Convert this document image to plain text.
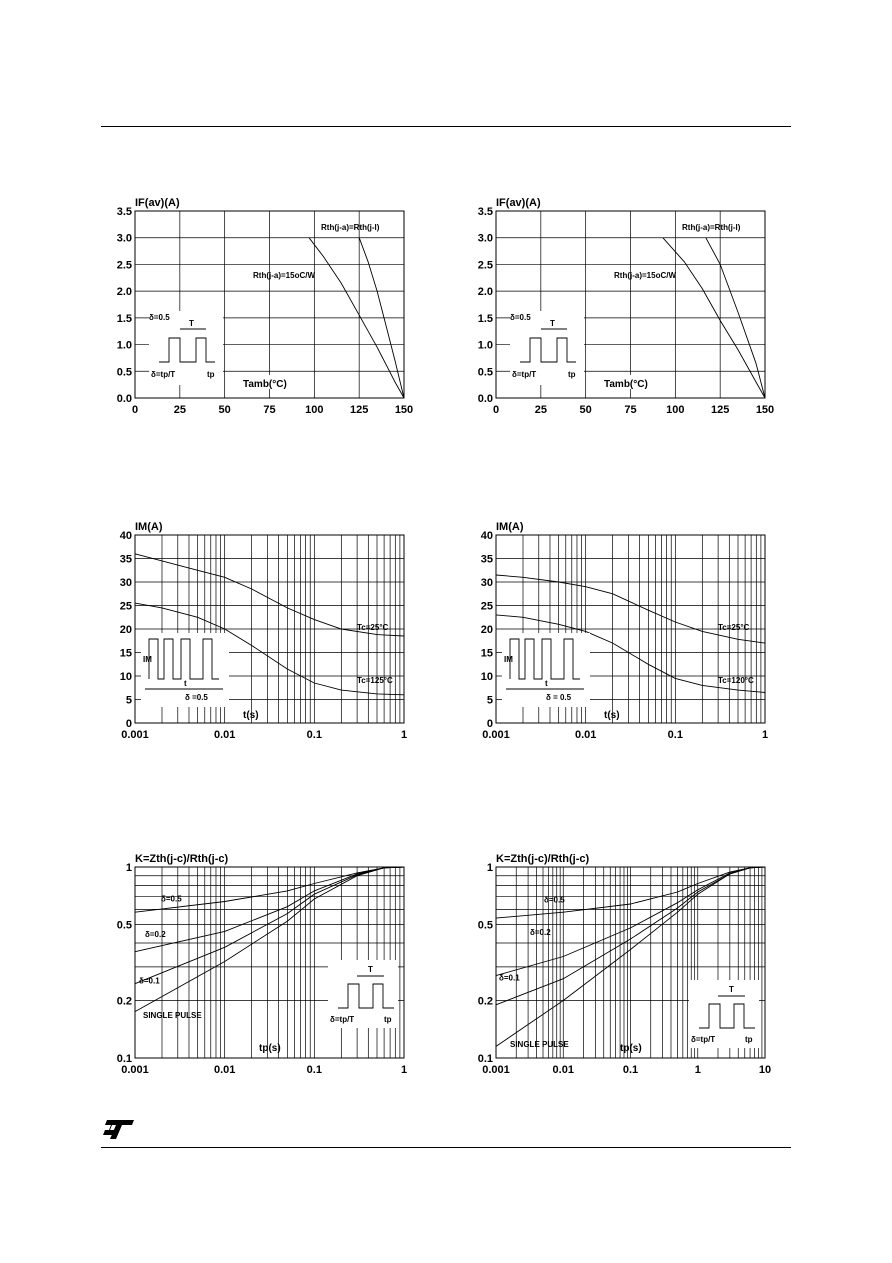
0	25	50	75	100 125 150
0.0
0.5
1.0
1.5
2.0
2.5
3.0
3.5
IF(av)(A)
Tamb(°C)
Rth(j-a)=Rth(j-l)
Rth(j-a)=15oC/W
δ=0.5
T
δ=tp/T	tp
0	25	50	75	100 125 150
0.0
0.5
1.0
1.5
2.0
2.5
3.0
3.5
IF(av)(A)
Tamb(°C)
Rth(j-a)=Rth(j-l)
Rth(j-a)=15oC/W
δ=0.5
T
δ=tp/T	tp
0.001	0.01	0.1	1
0
5
10
15
20
25
30
35
40
IM(A)
t(s)
Tc=25°C
Tc=125°C
IM
t
δ =0.5
0.001	0.01	0.1	1
0
5
10
15
20
25
30
35
40
IM(A)
t(s)
Tc=25°C
Tc=120°C
IM
t
δ = 0.5
0.001	0.01	0.1	1
0.1
0.2
0.5
1
K=Zth(j-c)/Rth(j-c)
tp(s)
δ=0.5
δ=0.2
δ=0.1
SINGLE PULSE
T
δ=tp/T	tp
0.001	0.01	0.1	1	10
0.1
0.2
0.5
1
K=Zth(j-c)/Rth(j-c)
tp(s)
δ=0.5
δ=0.2
δ=0.1
SINGLE PULSE
T
δ=tp/T	tp
